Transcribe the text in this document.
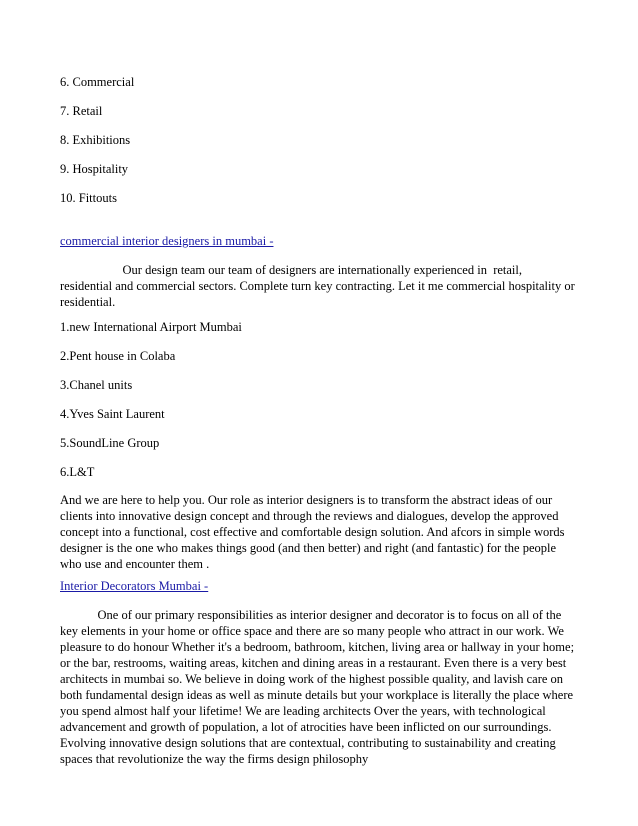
6. Commercial

7. Retail

8. Exhibitions

9. Hospitality

10. Fittouts

commercial interior designers in mumbai -
Our design team our team of designers are internationally experienced in  retail,
residential and commercial sectors. Complete turn key contracting. Let it me commercial hospitality or
residential.

1.new International Airport Mumbai

2.Pent house in Colaba

3.Chanel units

4.Yves Saint Laurent

5.SoundLine Group

6.L&T

And we are here to help you. Our role as interior designers is to transform the abstract ideas of our
clients into innovative design concept and through the reviews and dialogues, develop the approved
concept into a functional, cost effective and comfortable design solution. And afcors in simple words
designer is the one who makes things good (and then better) and right (and fantastic) for the people
who use and encounter them .
Interior Decorators Mumbai -
One of our primary responsibilities as interior designer and decorator is to focus on all of the
key elements in your home or office space and there are so many people who attract in our work. We
pleasure to do honour Whether it's a bedroom, bathroom, kitchen, living area or hallway in your home;
or the bar, restrooms, waiting areas, kitchen and dining areas in a restaurant. Even there is a very best
architects in mumbai so. We believe in doing work of the highest possible quality, and lavish care on
both fundamental design ideas as well as minute details but your workplace is literally the place where
you spend almost half your lifetime! We are leading architects Over the years, with technological
advancement and growth of population, a lot of atrocities have been inflicted on our surroundings.
Evolving innovative design solutions that are contextual, contributing to sustainability and creating
spaces that revolutionize the way the firms design philosophy
